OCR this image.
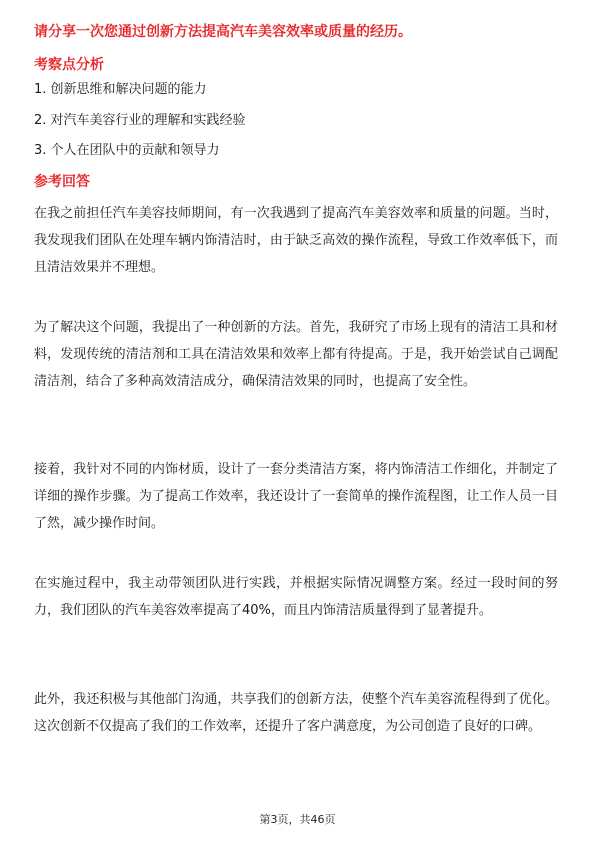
请分享一次您通过创新方法提高汽车美容效率或质量的经历。
考察点分析
1. 创新思维和解决问题的能力
2. 对汽车美容行业的理解和实践经验
3. 个人在团队中的贡献和领导力
参考回答

在我之前担任汽车美容技师期间，有一次我遇到了提高汽车美容效率和质量的问题。当时，我发现我们团队在处理车辆内饰清洁时，由于缺乏高效的操作流程，导致工作效率低下，而且清洁效果并不理想。

为了解决这个问题，我提出了一种创新的方法。首先，我研究了市场上现有的清洁工具和材料，发现传统的清洁剂和工具在清洁效果和效率上都有待提高。于是，我开始尝试自己调配清洁剂，结合了多种高效清洁成分，确保清洁效果的同时，也提高了安全性。

接着，我针对不同的内饰材质，设计了一套分类清洁方案，将内饰清洁工作细化，并制定了详细的操作步骤。为了提高工作效率，我还设计了一套简单的操作流程图，让工作人员一目了然，减少操作时间。

在实施过程中，我主动带领团队进行实践，并根据实际情况调整方案。经过一段时间的努力，我们团队的汽车美容效率提高了40%，而且内饰清洁质量得到了显著提升。

此外，我还积极与其他部门沟通，共享我们的创新方法，使整个汽车美容流程得到了优化。这次创新不仅提高了我们的工作效率，还提升了客户满意度，为公司创造了良好的口碑。

第3页，共46页
